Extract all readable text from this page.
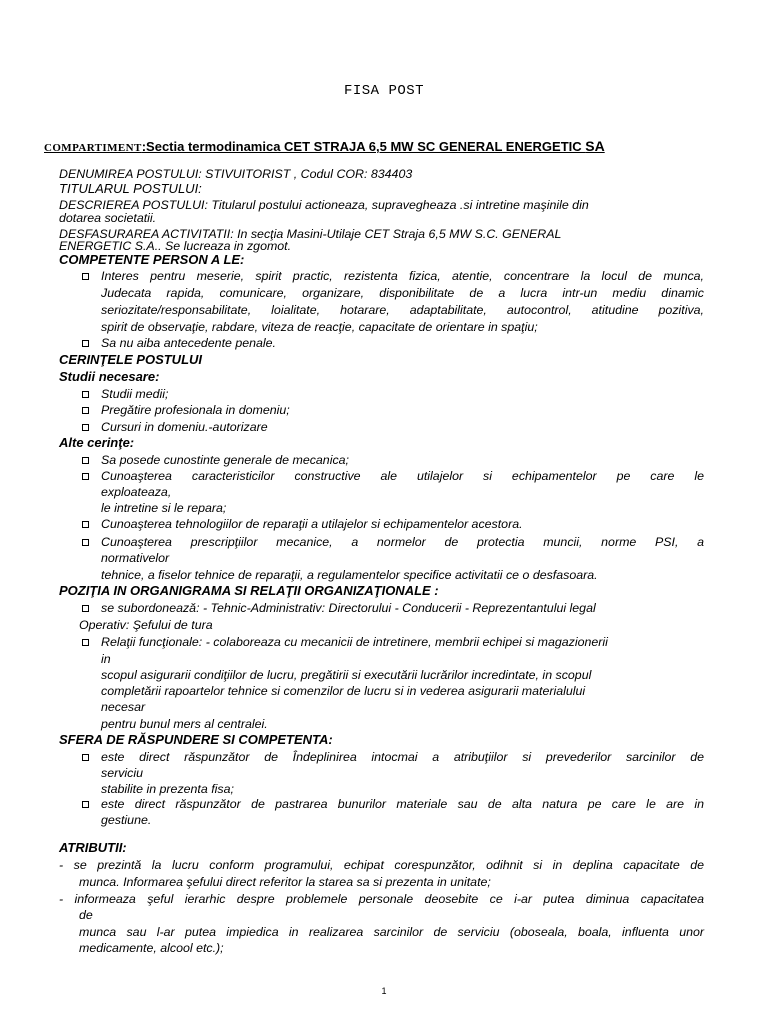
FISA POST
COMPARTIMENT:Sectia termodinamica CET STRAJA 6,5 MW SC GENERAL ENERGETIC SA
DENUMIREA POSTULUI: STIVUITORIST , Codul COR: 834403
TITULARUL POSTULUI:
DESCRIEREA POSTULUI: Titularul postului actioneaza, supravegheaza .si intretine maşinile din
dotarea societatii.
DESFASURAREA ACTIVITATII: In secţia Masini-Utilaje CET Straja 6,5 MW S.C. GENERAL
ENERGETIC S.A.. Se lucreaza in zgomot.
COMPETENTE PERSON A LE:
Interes pentru meserie, spirit practic, rezistenta fizica, atentie, concentrare la locul de munca,
Judecata rapida, comunicare, organizare, disponibilitate de a lucra intr-un mediu dinamic
seriozitate/responsabilitate, loialitate, hotarare, adaptabilitate, autocontrol, atitudine pozitiva,
spirit de observaţie, rabdare, viteza de reacţie, capacitate de orientare in spaţiu;
Sa nu aiba antecedente penale.
CERINŢELE POSTULUI
Studii necesare:
Studii medii;
Pregătire profesionala in domeniu;
Cursuri in domeniu.-autorizare
Alte cerinţe:
Sa posede cunostinte generale de mecanica;
Cunoaşterea caracteristicilor constructive ale utilajelor si echipamentelor pe care le
exploateaza,
le intretine si le repara;
Cunoaşterea tehnologiilor de reparaţii a utilajelor si echipamentelor acestora.
Cunoaşterea prescripţiilor mecanice, a normelor de protectia muncii, norme PSI, a
normativelor
tehnice, a fiselor tehnice de reparaţii, a regulamentelor specifice activitatii ce o desfasoara.
POZIŢIA IN ORGANIGRAMA SI RELAŢII ORGANIZAŢIONALE :
se subordonează: - Tehnic-Administrativ: Directorului - Conducerii - Reprezentantului legal
Operativ: Şefului de tura
Relaţii funcţionale: - colaboreaza cu mecanicii de intretinere, membrii echipei si magazionerii
in
scopul asigurarii condiţiilor de lucru, pregătirii si executării lucrărilor incredintate, in scopul
completării rapoartelor tehnice si comenzilor de lucru si in vederea asigurarii materialului
necesar
pentru bunul mers al centralei.
SFERA DE RĂSPUNDERE SI COMPETENTA:
este direct răspunzător de Îndeplinirea intocmai a atribuţiilor si prevederilor sarcinilor de
serviciu
stabilite in prezenta fisa;
este direct răspunzător de pastrarea bunurilor materiale sau de alta natura pe care le are in
gestiune.
ATRIBUTII:
- se prezintă la lucru conform programului, echipat corespunzător, odihnit si in deplina capacitate de
munca. Informarea şefului direct referitor la starea sa si prezenta in unitate;
- informeaza şeful ierarhic despre problemele personale deosebite ce i-ar putea diminua capacitatea
de
munca sau l-ar putea impiedica in realizarea sarcinilor de serviciu (oboseala, boala, influenta unor
medicamente, alcool etc.);
1
